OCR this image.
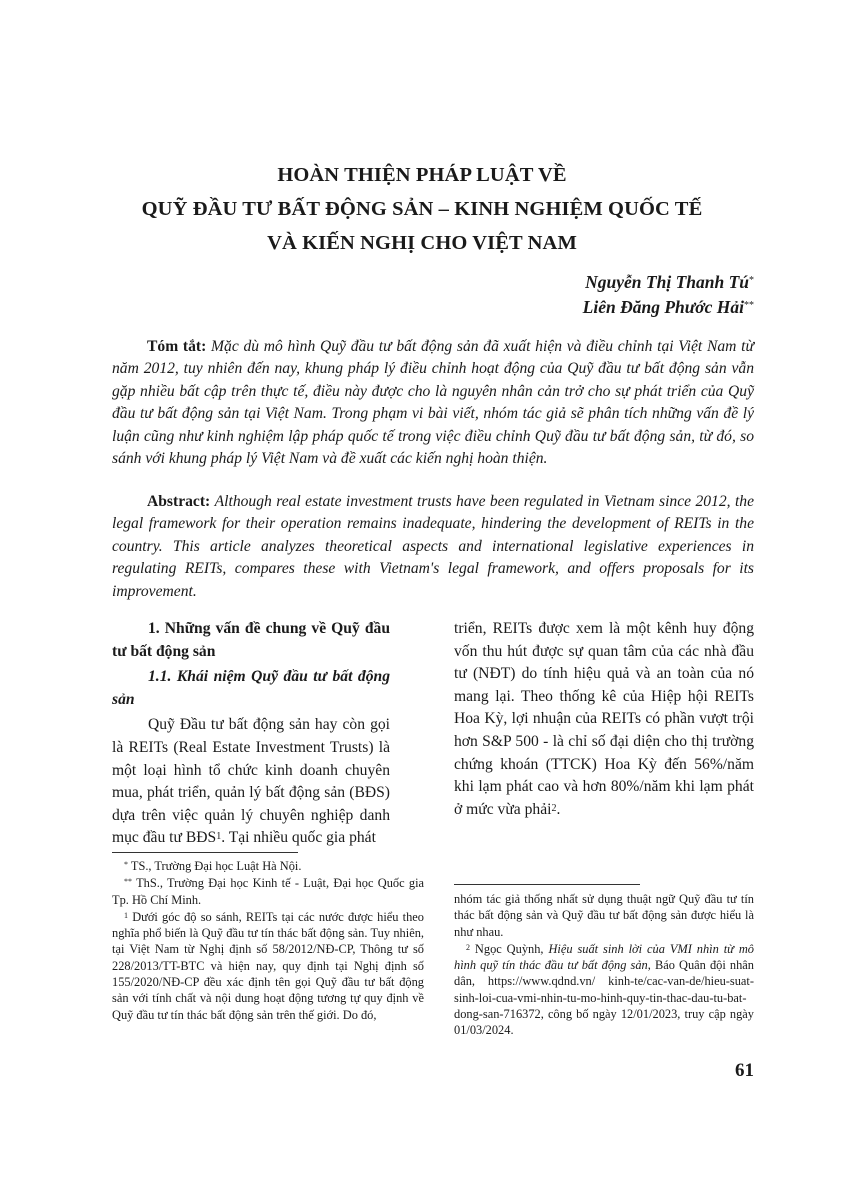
HOÀN THIỆN PHÁP LUẬT VỀ
QUỸ ĐẦU TƯ BẤT ĐỘNG SẢN – KINH NGHIỆM QUỐC TẾ
VÀ KIẾN NGHỊ CHO VIỆT NAM
Nguyễn Thị Thanh Tú*
Liên Đăng Phước Hải**

Tóm tắt: Mặc dù mô hình Quỹ đầu tư bất động sản đã xuất hiện và điều chỉnh tại Việt Nam từ năm 2012, tuy nhiên đến nay, khung pháp lý điều chỉnh hoạt động của Quỹ đầu tư bất động sản vẫn gặp nhiều bất cập trên thực tế, điều này được cho là nguyên nhân cản trở cho sự phát triển của Quỹ đầu tư bất động sản tại Việt Nam. Trong phạm vi bài viết, nhóm tác giả sẽ phân tích những vấn đề lý luận cũng như kinh nghiệm lập pháp quốc tế trong việc điều chỉnh Quỹ đầu tư bất động sản, từ đó, so sánh với khung pháp lý Việt Nam và đề xuất các kiến nghị hoàn thiện.

Abstract: Although real estate investment trusts have been regulated in Vietnam since 2012, the legal framework for their operation remains inadequate, hindering the development of REITs in the country. This article analyzes theoretical aspects and international legislative experiences in regulating REITs, compares these with Vietnam's legal framework, and offers proposals for its improvement.

1. Những vấn đề chung về Quỹ đầu tư bất động sản

1.1. Khái niệm Quỹ đầu tư bất động sản

Quỹ Đầu tư bất động sản hay còn gọi là REITs (Real Estate Investment Trusts) là một loại hình tổ chức kinh doanh chuyên mua, phát triển, quản lý bất động sản (BĐS) dựa trên việc quản lý chuyên nghiệp danh mục đầu tư BĐS$^1$. Tại nhiều quốc gia phát

triển, REITs được xem là một kênh huy động vốn thu hút được sự quan tâm của các nhà đầu tư (NĐT) do tính hiệu quả và an toàn của nó mang lại. Theo thống kê của Hiệp hội REITs Hoa Kỳ, lợi nhuận của REITs có phần vượt trội hơn S&P 500 - là chỉ số đại diện cho thị trường chứng khoán (TTCK) Hoa Kỳ đến 56%/năm khi lạm phát cao và hơn 80%/năm khi lạm phát ở mức vừa phải$^2$.

* TS., Trường Đại học Luật Hà Nội.

** ThS., Trường Đại học Kinh tế - Luật, Đại học Quốc gia Tp. Hồ Chí Minh.

$^1$ Dưới góc độ so sánh, REITs tại các nước được hiểu theo nghĩa phổ biến là Quỹ đầu tư tín thác bất động sản. Tuy nhiên, tại Việt Nam từ Nghị định số 58/2012/NĐ-CP, Thông tư số 228/2013/TT-BTC và hiện nay, quy định tại Nghị định số 155/2020/NĐ-CP đều xác định tên gọi Quỹ đầu tư bất động sản với tính chất và nội dung hoạt động tương tự quy định về Quỹ đầu tư tín thác bất động sản trên thế giới. Do đó,

nhóm tác giả thống nhất sử dụng thuật ngữ Quỹ đầu tư tín thác bất động sản và Quỹ đầu tư bất động sản được hiểu là như nhau.

$^2$ Ngọc Quỳnh, Hiệu suất sinh lời của VMI nhìn từ mô hình quỹ tín thác đầu tư bất động sản, Báo Quân đội nhân dân, https://www.qdnd.vn/ kinh-te/cac-van-de/hieu-suat-sinh-loi-cua-vmi-nhin-tu-mo-hinh-quy-tin-thac-dau-tu-bat-dong-san-716372, công bố ngày 12/01/2023, truy cập ngày 01/03/2024.

61
